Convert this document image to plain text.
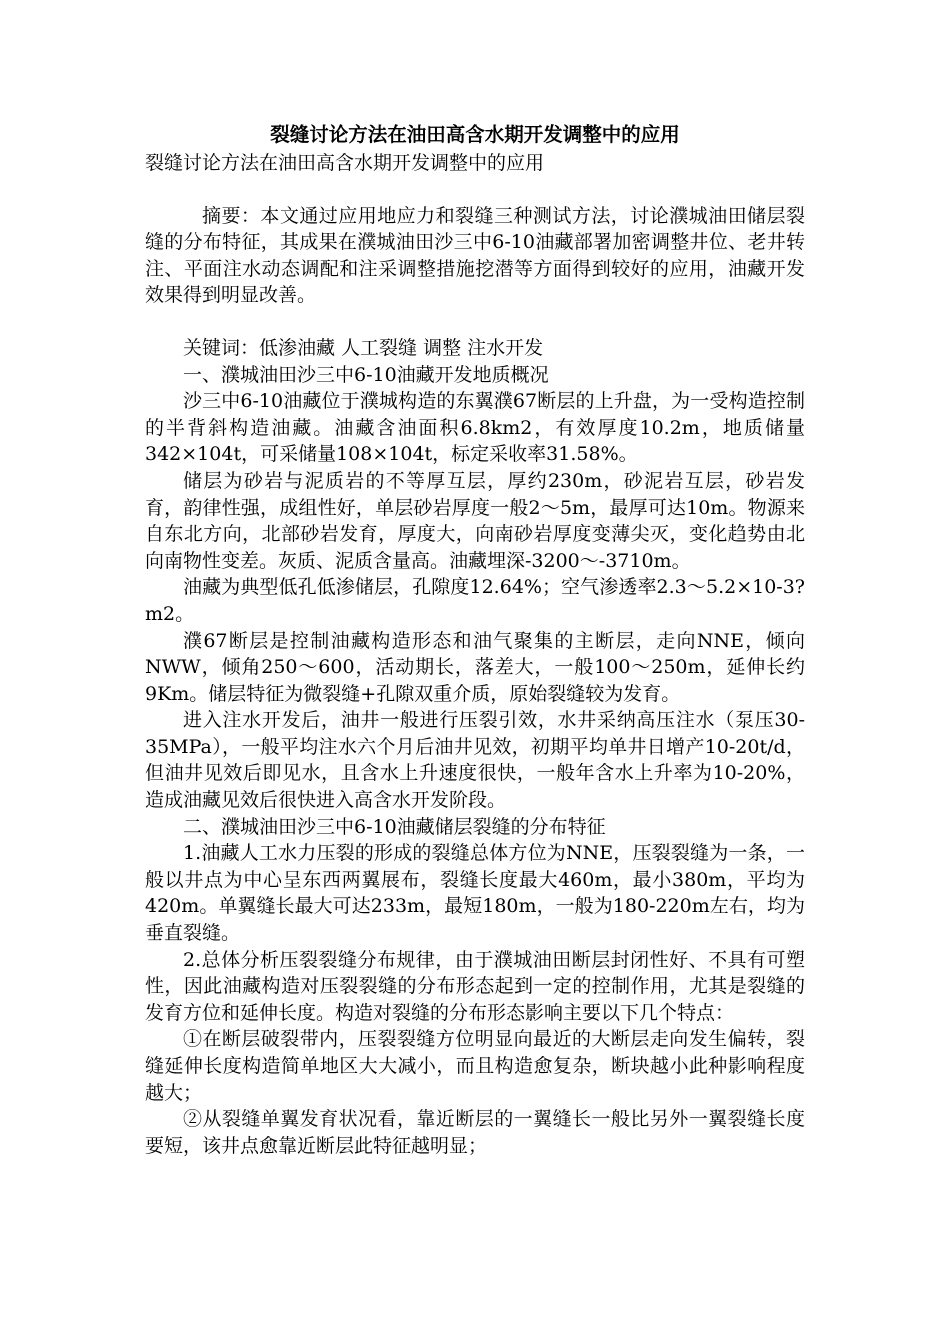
裂缝讨论方法在油田高含水期开发调整中的应用

裂缝讨论方法在油田高含水期开发调整中的应用

摘要：本文通过应用地应力和裂缝三种测试方法，讨论濮城油田储层裂缝的分布特征，其成果在濮城油田沙三中6-10油藏部署加密调整井位、老井转注、平面注水动态调配和注采调整措施挖潜等方面得到较好的应用，油藏开发效果得到明显改善。

关键词：低渗油藏 人工裂缝 调整 注水开发

一、濮城油田沙三中6-10油藏开发地质概况

沙三中6-10油藏位于濮城构造的东翼濮67断层的上升盘，为一受构造控制的半背斜构造油藏。油藏含油面积6.8km2，有效厚度10.2m，地质储量342×104t，可采储量108×104t，标定采收率31.58%。

储层为砂岩与泥质岩的不等厚互层，厚约230m，砂泥岩互层，砂岩发育，韵律性强，成组性好，单层砂岩厚度一般2～5m，最厚可达10m。物源来自东北方向，北部砂岩发育，厚度大，向南砂岩厚度变薄尖灭，变化趋势由北向南物性变差。灰质、泥质含量高。油藏埋深-3200～-3710m。

油藏为典型低孔低渗储层，孔隙度12.64%；空气渗透率2.3～5.2×10-3?m2。

濮67断层是控制油藏构造形态和油气聚集的主断层，走向NNE，倾向NWW，倾角250～600，活动期长，落差大，一般100～250m，延伸长约9Km。储层特征为微裂缝+孔隙双重介质，原始裂缝较为发育。

进入注水开发后，油井一般进行压裂引效，水井采纳高压注水（泵压30-35MPa），一般平均注水六个月后油井见效，初期平均单井日增产10-20t/d，但油井见效后即见水，且含水上升速度很快，一般年含水上升率为10-20%，造成油藏见效后很快进入高含水开发阶段。

二、濮城油田沙三中6-10油藏储层裂缝的分布特征

1.油藏人工水力压裂的形成的裂缝总体方位为NNE，压裂裂缝为一条，一般以井点为中心呈东西两翼展布，裂缝长度最大460m，最小380m，平均为420m。单翼缝长最大可达233m，最短180m，一般为180-220m左右，均为垂直裂缝。

2.总体分析压裂裂缝分布规律，由于濮城油田断层封闭性好、不具有可塑性，因此油藏构造对压裂裂缝的分布形态起到一定的控制作用，尤其是裂缝的发育方位和延伸长度。构造对裂缝的分布形态影响主要以下几个特点：

①在断层破裂带内，压裂裂缝方位明显向最近的大断层走向发生偏转，裂缝延伸长度构造简单地区大大减小，而且构造愈复杂，断块越小此种影响程度越大；

②从裂缝单翼发育状况看，靠近断层的一翼缝长一般比另外一翼裂缝长度要短，该井点愈靠近断层此特征越明显；
